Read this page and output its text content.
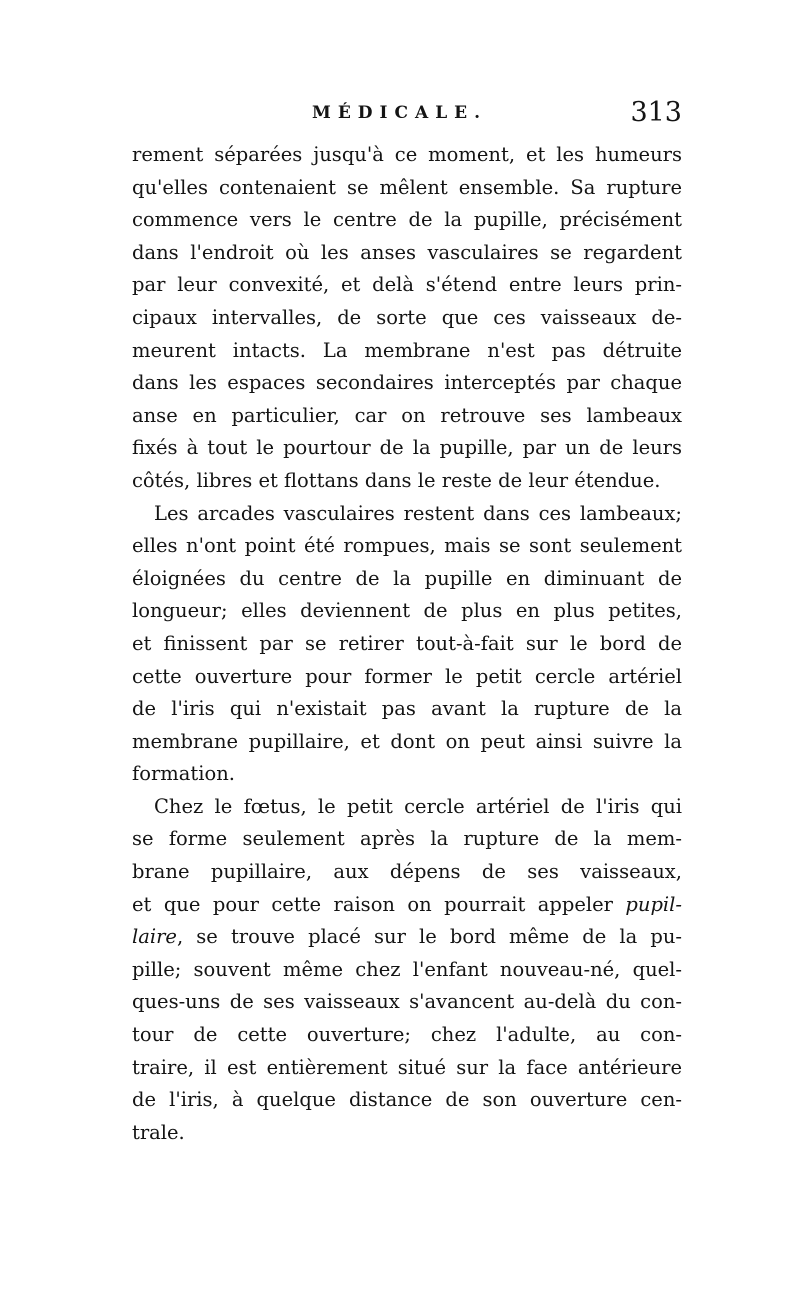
MÉDICALE.	313
rement séparées jusqu'à ce moment, et les humeurs
qu'elles contenaient se mêlent ensemble. Sa rupture
commence vers le centre de la pupille, précisément
dans l'endroit où les anses vasculaires se regardent
par leur convexité, et delà s'étend entre leurs prin-
cipaux intervalles, de sorte que ces vaisseaux de-
meurent intacts. La membrane n'est pas détruite
dans les espaces secondaires interceptés par chaque
anse en particulier, car on retrouve ses lambeaux
fixés à tout le pourtour de la pupille, par un de leurs
côtés, libres et flottans dans le reste de leur étendue.
Les arcades vasculaires restent dans ces lambeaux;
elles n'ont point été rompues, mais se sont seulement
éloignées du centre de la pupille en diminuant de
longueur; elles deviennent de plus en plus petites,
et finissent par se retirer tout-à-fait sur le bord de
cette ouverture pour former le petit cercle artériel
de l'iris qui n'existait pas avant la rupture de la
membrane pupillaire, et dont on peut ainsi suivre la
formation.
Chez le fœtus, le petit cercle artériel de l'iris qui
se forme seulement après la rupture de la mem-
brane pupillaire, aux dépens de ses vaisseaux,
et que pour cette raison on pourrait appeler pupil-
laire, se trouve placé sur le bord même de la pu-
pille; souvent même chez l'enfant nouveau-né, quel-
ques-uns de ses vaisseaux s'avancent au-delà du con-
tour de cette ouverture; chez l'adulte, au con-
traire, il est entièrement situé sur la face antérieure
de l'iris, à quelque distance de son ouverture cen-
trale.
